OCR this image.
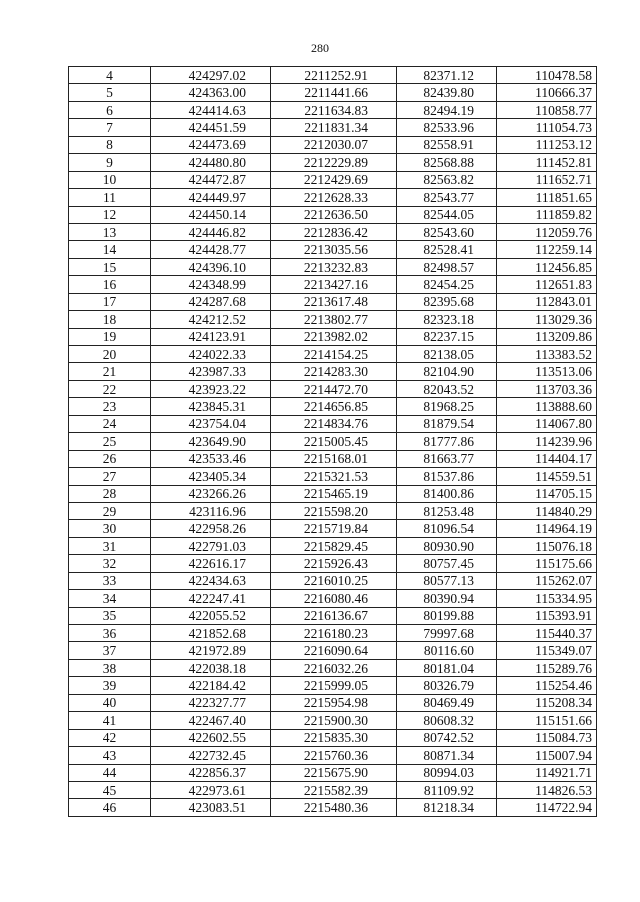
280
4	424297.02	2211252.91	82371.12	110478.58
5	424363.00	2211441.66	82439.80	110666.37
6	424414.63	2211634.83	82494.19	110858.77
7	424451.59	2211831.34	82533.96	111054.73
8	424473.69	2212030.07	82558.91	111253.12
9	424480.80	2212229.89	82568.88	111452.81
10	424472.87	2212429.69	82563.82	111652.71
11	424449.97	2212628.33	82543.77	111851.65
12	424450.14	2212636.50	82544.05	111859.82
13	424446.82	2212836.42	82543.60	112059.76
14	424428.77	2213035.56	82528.41	112259.14
15	424396.10	2213232.83	82498.57	112456.85
16	424348.99	2213427.16	82454.25	112651.83
17	424287.68	2213617.48	82395.68	112843.01
18	424212.52	2213802.77	82323.18	113029.36
19	424123.91	2213982.02	82237.15	113209.86
20	424022.33	2214154.25	82138.05	113383.52
21	423987.33	2214283.30	82104.90	113513.06
22	423923.22	2214472.70	82043.52	113703.36
23	423845.31	2214656.85	81968.25	113888.60
24	423754.04	2214834.76	81879.54	114067.80
25	423649.90	2215005.45	81777.86	114239.96
26	423533.46	2215168.01	81663.77	114404.17
27	423405.34	2215321.53	81537.86	114559.51
28	423266.26	2215465.19	81400.86	114705.15
29	423116.96	2215598.20	81253.48	114840.29
30	422958.26	2215719.84	81096.54	114964.19
31	422791.03	2215829.45	80930.90	115076.18
32	422616.17	2215926.43	80757.45	115175.66
33	422434.63	2216010.25	80577.13	115262.07
34	422247.41	2216080.46	80390.94	115334.95
35	422055.52	2216136.67	80199.88	115393.91
36	421852.68	2216180.23	79997.68	115440.37
37	421972.89	2216090.64	80116.60	115349.07
38	422038.18	2216032.26	80181.04	115289.76
39	422184.42	2215999.05	80326.79	115254.46
40	422327.77	2215954.98	80469.49	115208.34
41	422467.40	2215900.30	80608.32	115151.66
42	422602.55	2215835.30	80742.52	115084.73
43	422732.45	2215760.36	80871.34	115007.94
44	422856.37	2215675.90	80994.03	114921.71
45	422973.61	2215582.39	81109.92	114826.53
46	423083.51	2215480.36	81218.34	114722.94
